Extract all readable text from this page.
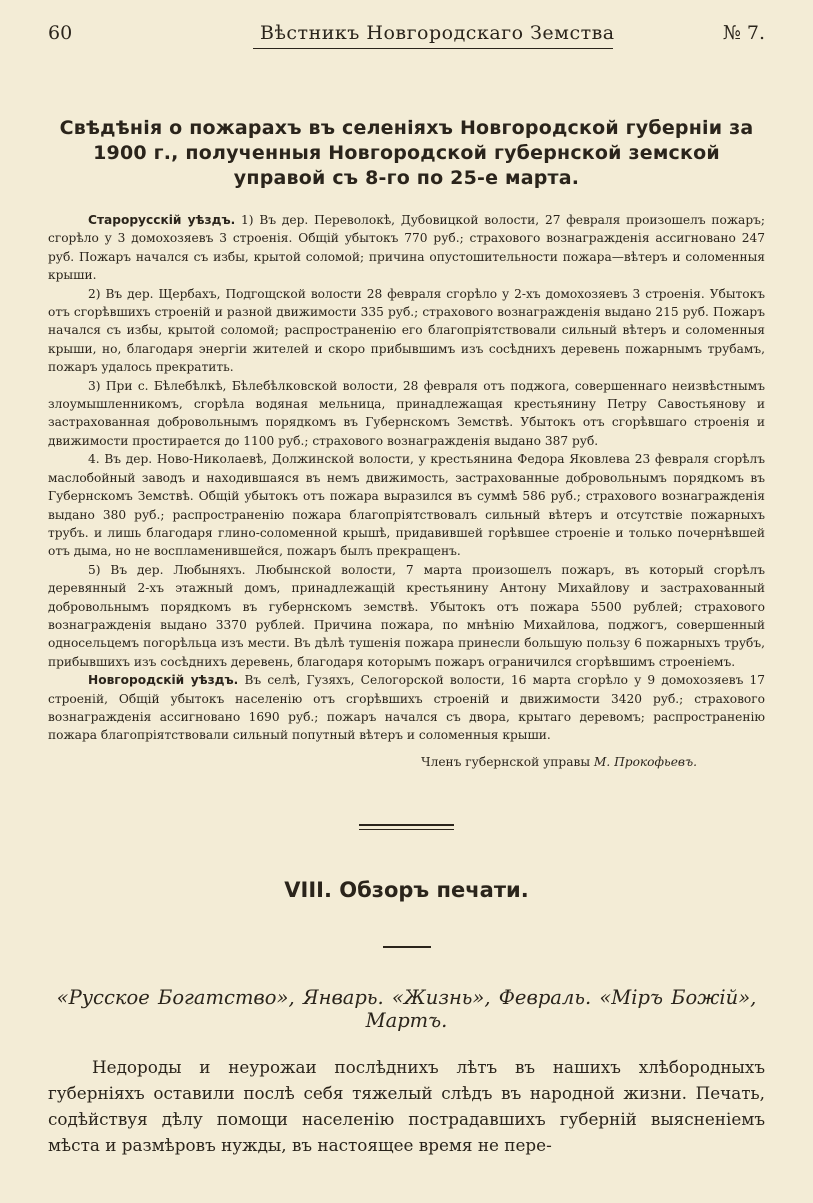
60	Вѣстникъ Новгородскаго Земства	№ 7.
Свѣдѣнія о пожарахъ въ селеніяхъ Новгородской губерніи за 1900 г., полученныя Новгородской губернской земской управой съ 8-го по 25-е марта.

Старорусскій уѣздъ. 1) Въ дер. Переволокѣ, Дубовицкой волости, 27 февраля произошелъ пожаръ; сгорѣло у 3 домохозяевъ 3 строенія. Общій убытокъ 770 руб.; страхового вознагражденія ассигновано 247 руб. Пожаръ начался съ избы, крытой соломой; причина опустошительности пожара—вѣтеръ и соломенныя крыши.

2) Въ дер. Щербахъ, Подгощской волости 28 февраля сгорѣло у 2-хъ домохозяевъ 3 строенія. Убытокъ отъ сгорѣвшихъ строеній и разной движимости 335 руб.; страхового вознагражденія выдано 215 руб. Пожаръ начался съ избы, крытой соломой; распространенію его благопріятствовали сильный вѣтеръ и соломенныя крыши, но, благодаря энергіи жителей и скоро прибывшимъ изъ сосѣднихъ деревень пожарнымъ трубамъ, пожаръ удалось прекратить.

3) При с. Бѣлебѣлкѣ, Бѣлебѣлковской волости, 28 февраля отъ поджога, совершеннаго неизвѣстнымъ злоумышленникомъ, сгорѣла водяная мельница, принадлежащая крестьянину Петру Савостьянову и застрахованная добровольнымъ порядкомъ въ Губернскомъ Земствѣ. Убытокъ отъ сгорѣвшаго строенія и движимости простирается до 1100 руб.; страхового вознагражденія выдано 387 руб.

4. Въ дер. Ново-Николаевѣ, Должинской волости, у крестьянина Федора Яковлева 23 февраля сгорѣлъ маслобойный заводъ и находившаяся въ немъ движимость, застрахованные добровольнымъ порядкомъ въ Губернскомъ Земствѣ. Общій убытокъ отъ пожара выразился въ суммѣ 586 руб.; страхового вознагражденія выдано 380 руб.; распространенію пожара благопріятствовалъ сильный вѣтеръ и отсутствіе пожарныхъ трубъ. и лишь благодаря глино-соломенной крышѣ, придавившей горѣвшее строеніе и только почернѣвшей отъ дыма, но не воспламенившейся, пожаръ былъ прекращенъ.

5) Въ дер. Любыняхъ. Любынской волости, 7 марта произошелъ пожаръ, въ который сгорѣлъ деревянный 2-хъ этажный домъ, принадлежащій крестьянину Антону Михайлову и застрахованный добровольнымъ порядкомъ въ губернскомъ земствѣ. Убытокъ отъ пожара 5500 рублей; страхового вознагражденія выдано 3370 рублей. Причина пожара, по мнѣнію Михайлова, поджогъ, совершенный односельцемъ погорѣльца изъ мести. Въ дѣлѣ тушенія пожара принесли большую пользу 6 пожарныхъ трубъ, прибывшихъ изъ сосѣднихъ деревень, благодаря которымъ пожаръ ограничился сгорѣвшимъ строеніемъ.

Новгородскій уѣздъ. Въ селѣ, Гузяхъ, Селогорской волости, 16 марта сгорѣло у 9 домохозяевъ 17 строеній, Общій убытокъ населенію отъ сгорѣвшихъ строеній и движимости 3420 руб.; страхового вознагражденія ассигновано 1690 руб.; пожаръ начался съ двора, крытаго деревомъ; распространенію пожара благопріятствовали сильный попутный вѣтеръ и соломенныя крыши.

Членъ губернской управы М. Прокофьевъ.
VIII. Обзоръ печати.
«Русское Богатство», Январь. «Жизнь», Февраль. «Міръ Божій», Мартъ.

Недороды и неурожаи послѣднихъ лѣтъ въ нашихъ хлѣбородныхъ губерніяхъ оставили послѣ себя тяжелый слѣдъ въ народной жизни. Печать, содѣйствуя дѣлу помощи населенію пострадавшихъ губерній выясненіемъ мѣста и размѣровъ нужды, въ настоящее время не пере-
